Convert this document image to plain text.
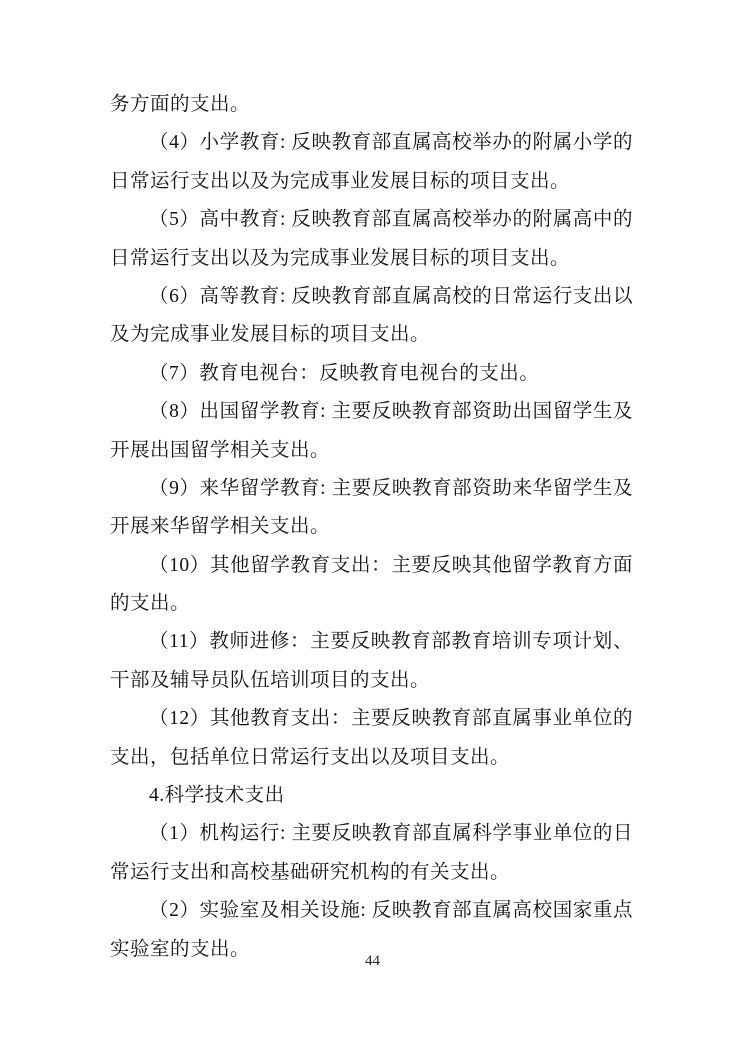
务方面的支出。
（4）小学教育: 反映教育部直属高校举办的附属小学的
日常运行支出以及为完成事业发展目标的项目支出。
（5）高中教育: 反映教育部直属高校举办的附属高中的
日常运行支出以及为完成事业发展目标的项目支出。
（6）高等教育: 反映教育部直属高校的日常运行支出以
及为完成事业发展目标的项目支出。
（7）教育电视台：反映教育电视台的支出。
（8）出国留学教育: 主要反映教育部资助出国留学生及
开展出国留学相关支出。
（9）来华留学教育: 主要反映教育部资助来华留学生及
开展来华留学相关支出。
（10）其他留学教育支出：主要反映其他留学教育方面
的支出。
（11）教师进修：主要反映教育部教育培训专项计划、
干部及辅导员队伍培训项目的支出。
（12）其他教育支出：主要反映教育部直属事业单位的
支出，包括单位日常运行支出以及项目支出。
4.科学技术支出
（1）机构运行: 主要反映教育部直属科学事业单位的日
常运行支出和高校基础研究机构的有关支出。
（2）实验室及相关设施: 反映教育部直属高校国家重点
实验室的支出。
44
